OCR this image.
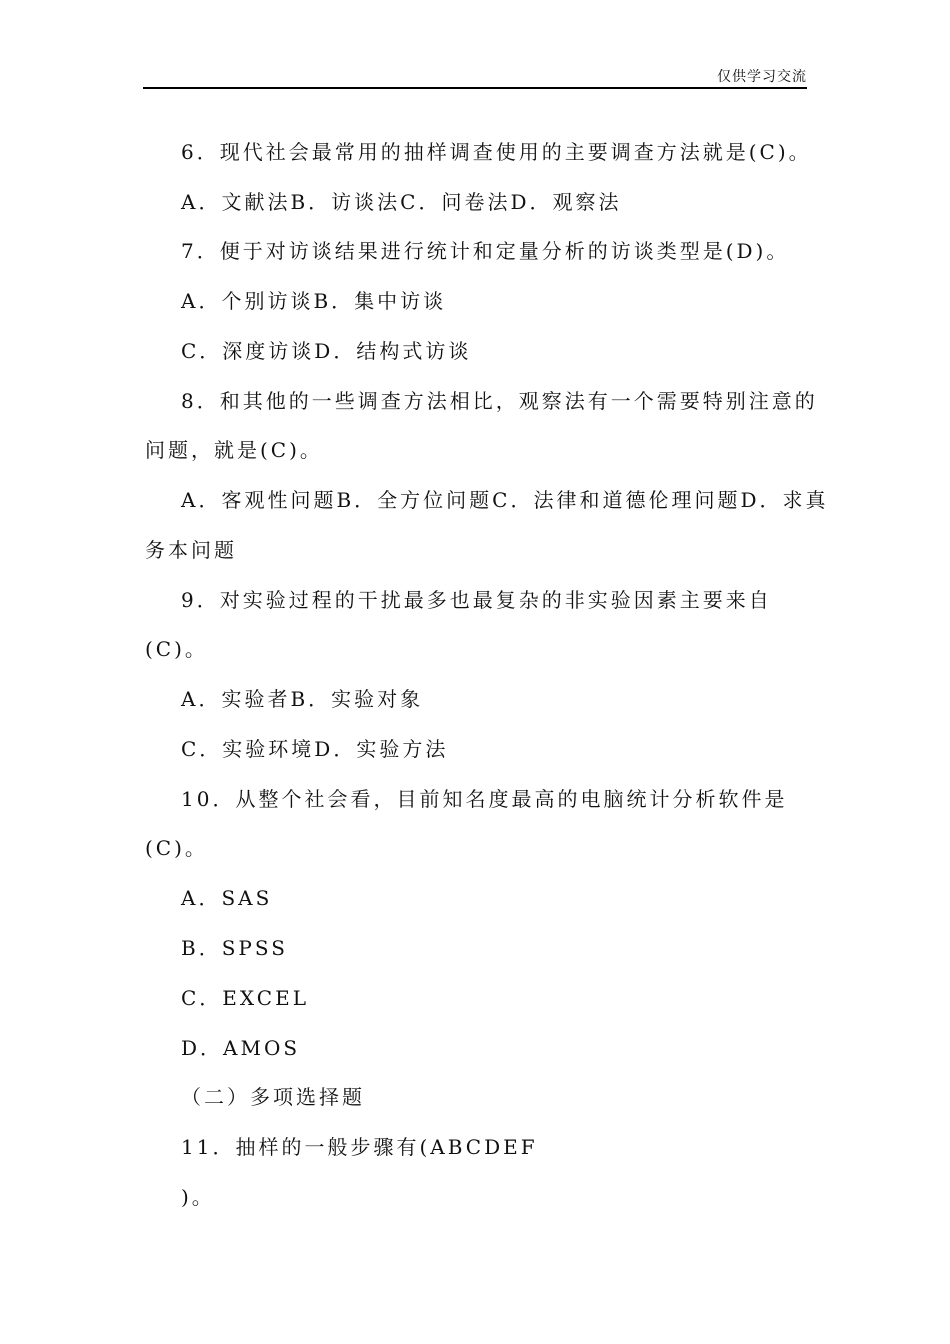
仅供学习交流
6．现代社会最常用的抽样调查使用的主要调查方法就是(C)。
A．文献法B．访谈法C．问卷法D．观察法
7．便于对访谈结果进行统计和定量分析的访谈类型是(D)。
A．个别访谈B．集中访谈
C．深度访谈D．结构式访谈
8．和其他的一些调查方法相比，观察法有一个需要特别注意的
问题，就是(C)。
A．客观性问题B．全方位问题C．法律和道德伦理问题D．求真
务本问题
9．对实验过程的干扰最多也最复杂的非实验因素主要来自
(C)。
A．实验者B．实验对象
C．实验环境D．实验方法
10．从整个社会看，目前知名度最高的电脑统计分析软件是
(C)。
A．SAS
B．SPSS
C．EXCEL
D．AMOS
（二）多项选择题
11．抽样的一般步骤有(ABCDEF
)。
